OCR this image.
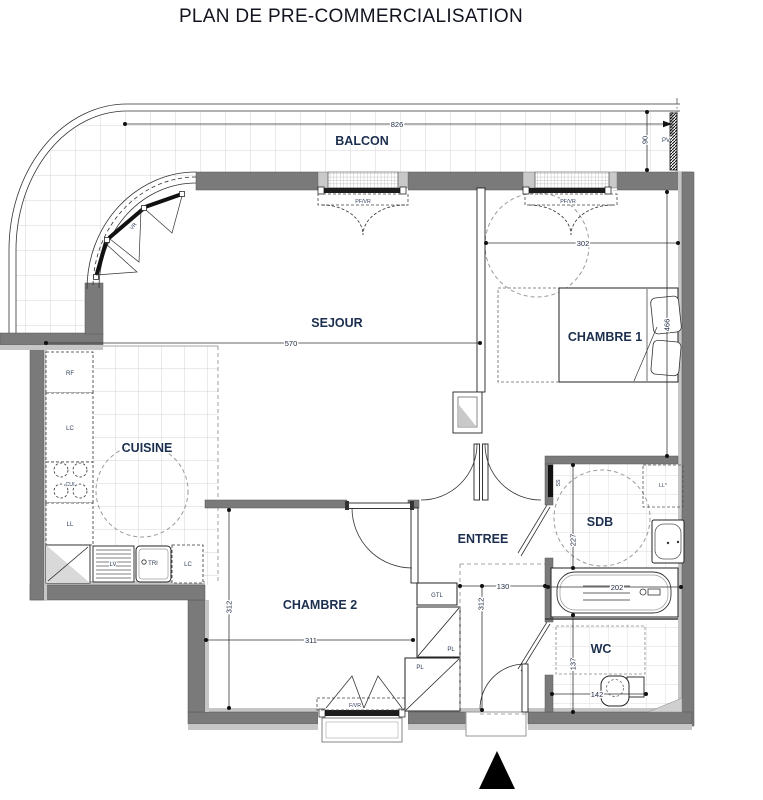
PLAN DE PRE-COMMERCIALISATION
826
90
302
466
570
130
312
311
312
227
202
137
142
BALCON
SEJOUR
CHAMBRE 1
CUISINE
ENTREE
CHAMBRE 2
SDB
WC
RF
LC
CUI
LL
LV	TRI	LC
GTL
PL
PL
SS	LL*
PF/VR	PF/VR
F/VR
PV
VR
